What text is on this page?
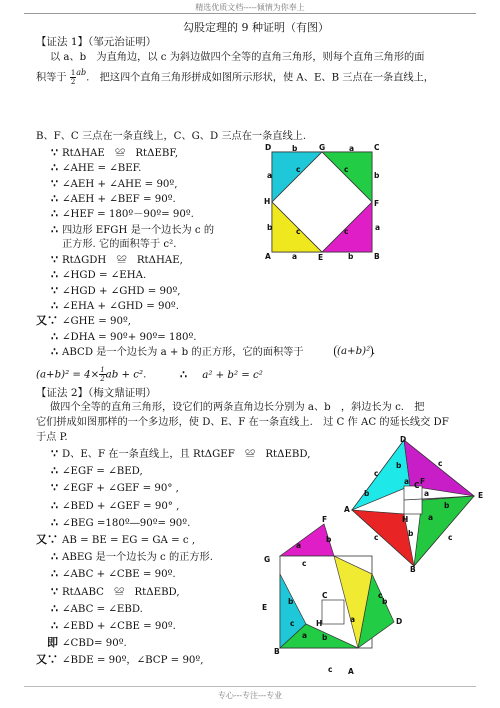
精选优质文档-----倾情为你奉上
勾股定理的 9 种证明（有图）
【证法 1】（邹元治证明）
以 a、b　为直角边，以 c 为斜边做四个全等的直角三角形，则每个直角三角形的面
积等于 $\frac{1}{2} ^{ab}$.　把这四个直角三角形拼成如图所示形状，使 A、E、B 三点在一条直线上，
B、F、C 三点在一条直线上，C、G、D 三点在一条直线上.
∵ RtΔHAE　≌　RtΔEBF,
∴ ∠AHE = ∠BEF.
∵ ∠AEH + ∠AHE = 90º,
∴ ∠AEH + ∠BEF = 90º.
∴ ∠HEF = 180º－90º= 90º.
∴ 四边形 EFGH 是一个边长为 c 的
正方形. 它的面积等于 c².
∵ RtΔGDH　≌　RtΔHAE,
∴ ∠HGD = ∠EHA.
∵ ∠HGD + ∠GHD = 90º,
∴ ∠EHA + ∠GHD = 90º.
又∵ ∠GHE = 90º,
∴ ∠DHA = 90º+ 90º= 180º.
∴ ABCD 是一个边长为 a + b 的正方形，它的面积等于	(a+b)² .
$(a+b)^2 = 4\times \frac{1}{2}$ ab + c².	∴ a² + b² = c²
【证法 2】（梅文鼎证明）
做四个全等的直角三角形，设它们的两条直角边长分别为 a、b　，斜边长为 c.　把
它们拼成如图那样的一个多边形，使 D、E、F 在一条直线上.　过 C 作 AC 的延长线交 DF
于点 P.
∵ D、E、F 在一条直线上，且 RtΔGEF　≌　RtΔEBD,
∴ ∠EGF = ∠BED,
∵ ∠EGF + ∠GEF = 90° ,
∴ ∠BED + ∠GEF = 90° ,
∴ ∠BEG =180º―90º= 90º.
又∵ AB = BE = EG = GA = c ,
∴ ABEG 是一个边长为 c 的正方形.
∴ ∠ABC + ∠CBE = 90º.
∵ RtΔABC　≌　RtΔEBD,
∴ ∠ABC = ∠EBD.
∴ ∠EBD + ∠CBE = 90º.
即 ∠CBD= 90º.
又∵ ∠BDE = 90º，∠BCP = 90º,
D	G	C
b	a
H	F
A	E	B
a
b
b
a
a	b
c	c
c	c
D
A
C F
E
H
B
b
a
c
c
b	a
b
c	c
a
b
F
G
a
b
c
c
C
H
b
a b
c	a
E
D
A
B
c
b
专心---专注---专业
